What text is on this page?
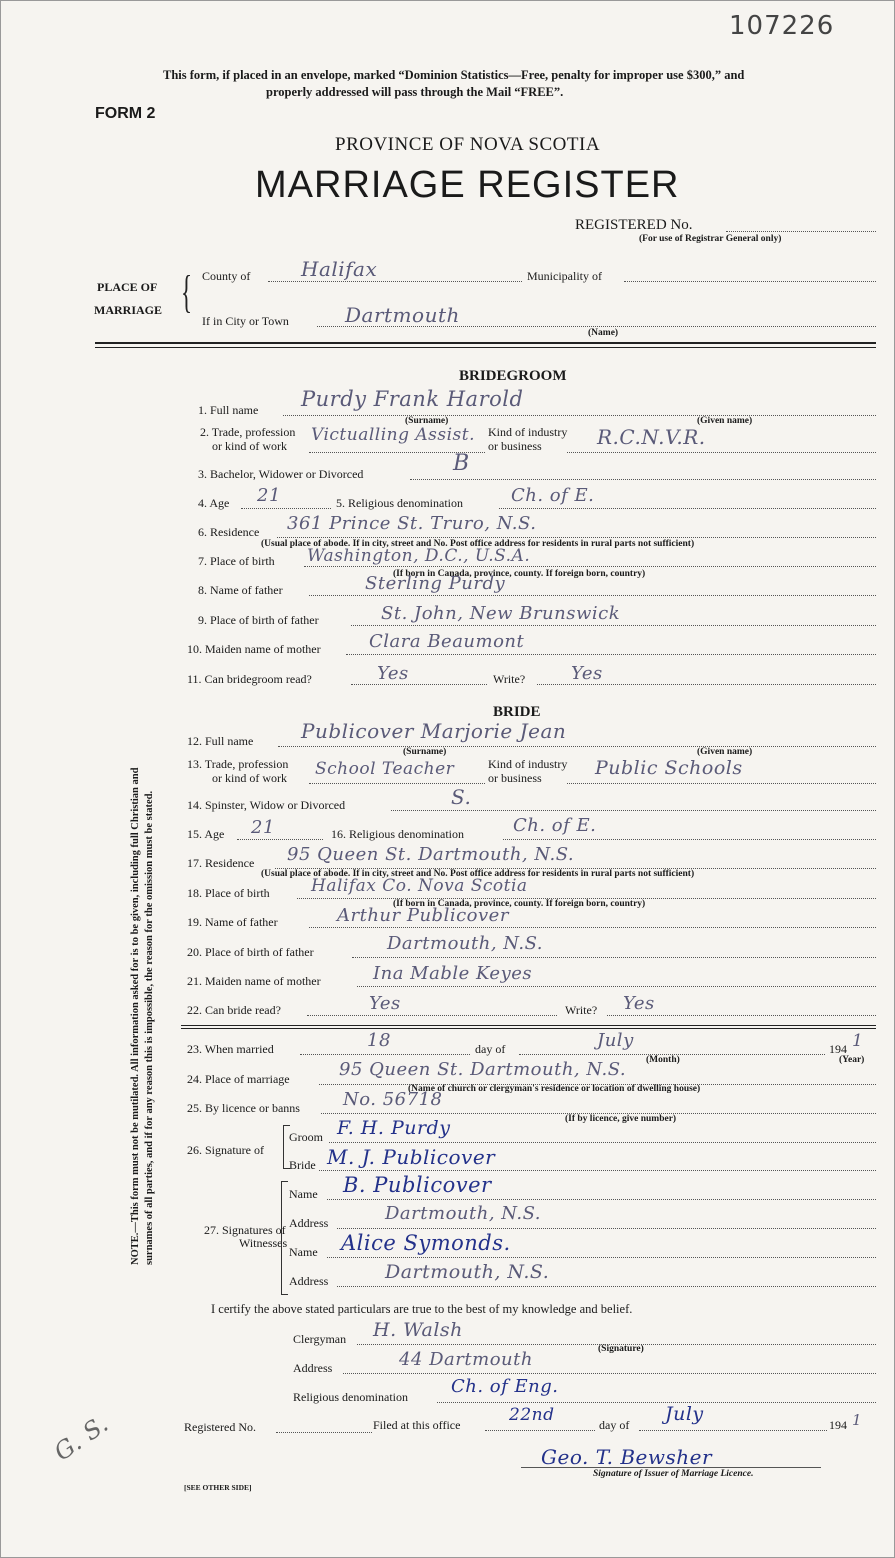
107226
This form, if placed in an envelope, marked “Dominion Statistics—Free, penalty for improper use $300,” and
properly addressed will pass through the Mail “FREE”.
FORM 2
PROVINCE OF NOVA SCOTIA
MARRIAGE REGISTER
REGISTERED No.
(For use of Registrar General only)
PLACE OF
MARRIAGE { County of	Halifax	Municipality of
If in City or Town	Dartmouth
(Name)
NOTE.—This form must not be mutilated. All information asked for is to be given, including full Christian and surnames of all parties, and if for any reason this is impossible, the reason for the omission must be stated.
BRIDEGROOM
1. Full name Purdy Frank Harold
(Surname)	(Given name)
2. Trade, profession
or kind of work
Victualling Assist. Kind of industry
or business	R.C.N.V.R.
3. Bachelor, Widower or Divorced	B
4. Age 21	5. Religious denomination	Ch. of E.
6. Residence 361 Prince St. Truro, N.S.
(Usual place of abode. If in city, street and No. Post office address for residents in rural parts not sufficient)
7. Place of birth Washington, D.C., U.S.A.
(If born in Canada, province, county. If foreign born, country)
8. Name of father	Sterling Purdy
9. Place of birth of father	St. John, New Brunswick
10. Maiden name of mother	Clara Beaumont
11. Can bridegroom read?	Yes	Write?	Yes
BRIDE
12. Full name Publicover Marjorie Jean
(Surname)	(Given name)
13. Trade, profession
or kind of work School Teacher	Kind of industry
or business	Public Schools
14. Spinster, Widow or Divorced	S.
15. Age 21	16. Religious denomination	Ch. of E.
17. Residence 95 Queen St. Dartmouth, N.S.
(Usual place of abode. If in city, street and No. Post office address for residents in rural parts not sufficient)
18. Place of birth Halifax Co. Nova Scotia
(If born in Canada, province, county. If foreign born, country)
19. Name of father	Arthur Publicover
20. Place of birth of father	Dartmouth, N.S.
21. Maiden name of mother	Ina Mable Keyes
22. Can bride read?	Yes	Write? Yes
23. When married	18	day of	July	194 1
(Month)	(Year)
24. Place of marriage	95 Queen St. Dartmouth, N.S.
(Name of church or clergyman's residence or location of dwelling house)
25. By licence or banns No. 56718
(If by licence, give number)
26. Signature of
Groom F. H. Purdy
Bride M. J. Publicover
27. Signatures of
Witnesses
Name B. Publicover
Address	Dartmouth, N.S.
Name Alice Symonds.
Address	Dartmouth, N.S.
I certify the above stated particulars are true to the best of my knowledge and belief.
Clergyman H. Walsh
(Signature)
Address	44 Dartmouth
Religious denomination Ch. of Eng.
Registered No.	Filed at this office	22nd	day of July	194 1
Geo. T. Bewsher
Signature of Issuer of Marriage Licence.
[SEE OTHER SIDE]
G. S.
